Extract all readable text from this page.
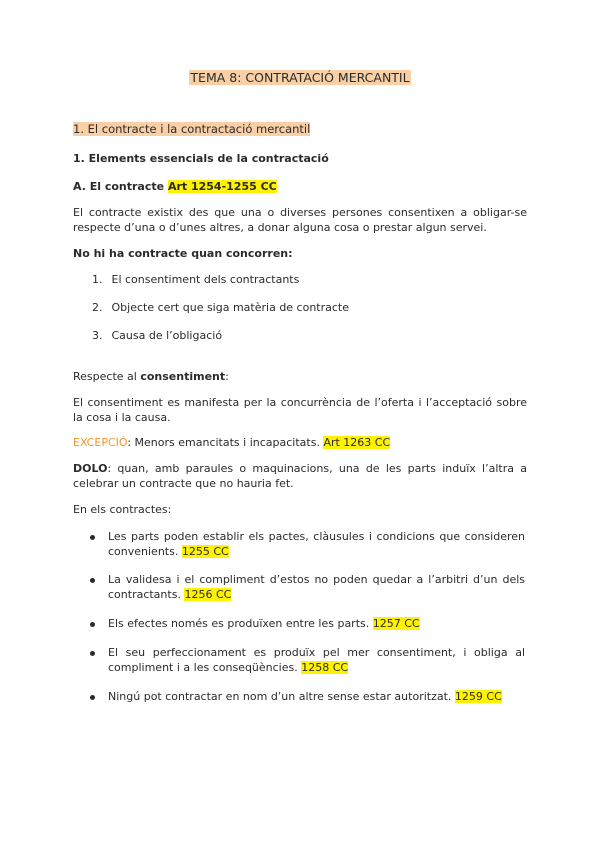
TEMA 8: CONTRATACIÓ MERCANTIL
1. El contracte i la contractació mercantil
1. Elements essencials de la contractació
A. El contracte Art 1254-1255 CC
El contracte existix des que una o diverses persones consentixen a obligar-se respecte d’una o d’unes altres, a donar alguna cosa o prestar algun servei.
No hi ha contracte quan concorren:
1. El consentiment dels contractants
2. Objecte cert que siga matèria de contracte
3. Causa de l’obligació
Respecte al consentiment:
El consentiment es manifesta per la concurrència de l’oferta i l’acceptació sobre la cosa i la causa.
EXCEPCIÓ: Menors emancitats i incapacitats. Art 1263 CC
DOLO: quan, amb paraules o maquinacions, una de les parts induïx l’altra a celebrar un contracte que no hauria fet.
En els contractes:
Les parts poden establir els pactes, clàusules i condicions que consideren convenients. 1255 CC
La validesa i el compliment d’estos no poden quedar a l’arbitri d’un dels contractants. 1256 CC
Els efectes només es produïxen entre les parts. 1257 CC
El seu perfeccionament es produïx pel mer consentiment, i obliga al compliment i a les conseqüències. 1258 CC
Ningú pot contractar en nom d’un altre sense estar autoritzat. 1259 CC
